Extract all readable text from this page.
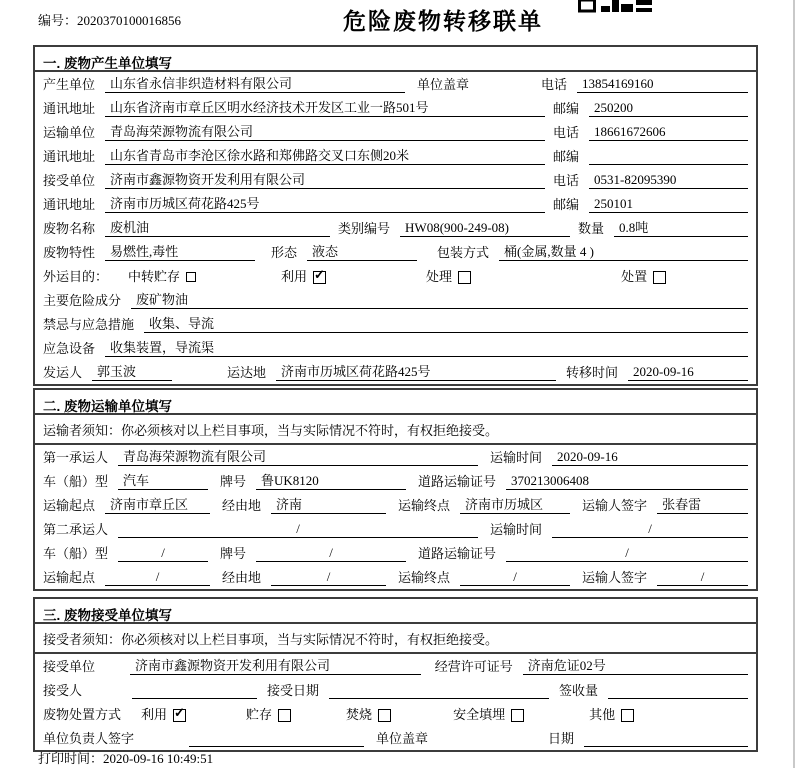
编号：2020370100016856	危险废物转移联单
一. 废物产生单位填写
产生单位	山东省永信非织造材料有限公司	单位盖章	电话	13854169160
通讯地址	山东省济南市章丘区明水经济技术开发区工业一路501号	邮编	250200
运输单位	青岛海荣源物流有限公司	电话	18661672606
通讯地址	山东省青岛市李沧区徐水路和郑佛路交叉口东侧20米	邮编
接受单位	济南市鑫源物资开发利用有限公司	电话	0531-82095390
通讯地址	济南市历城区荷花路425号	邮编	250101
废物名称	废机油	类别编号	HW08(900-249-08)	数量	0.8吨
废物特性	易燃性,毒性	形态	液态	包装方式	桶(金属,数量 4 )
外运目的： 中转贮存	利用 ✓	处理	处置
主要危险成分	废矿物油
禁忌与应急措施	收集、导流
应急设备	收集装置，导流渠
发运人	郭玉波	运达地	济南市历城区荷花路425号	转移时间	2020-09-16
二. 废物运输单位填写
运输者须知：你必须核对以上栏目事项，当与实际情况不符时，有权拒绝接受。
第一承运人	青岛海荣源物流有限公司	运输时间	2020-09-16
车（船）型	汽车	牌号	鲁UK8120	道路运输证号	370213006408
运输起点	济南市章丘区	经由地	济南	运输终点	济南市历城区	运输人签字	张春雷
第二承运人	/	运输时间	/
车（船）型	/	牌号	/	道路运输证号	/
运输起点	/	经由地	/	运输终点	/	运输人签字	/
三. 废物接受单位填写
接受者须知：你必须核对以上栏目事项，当与实际情况不符时，有权拒绝接受。
接受单位	济南市鑫源物资开发利用有限公司	经营许可证号	济南危证02号
接受人	接受日期	签收量
废物处置方式 利用 ✓	贮存	焚烧	安全填埋	其他
单位负责人签字	单位盖章	日期
打印时间：2020-09-16 10:49:51
